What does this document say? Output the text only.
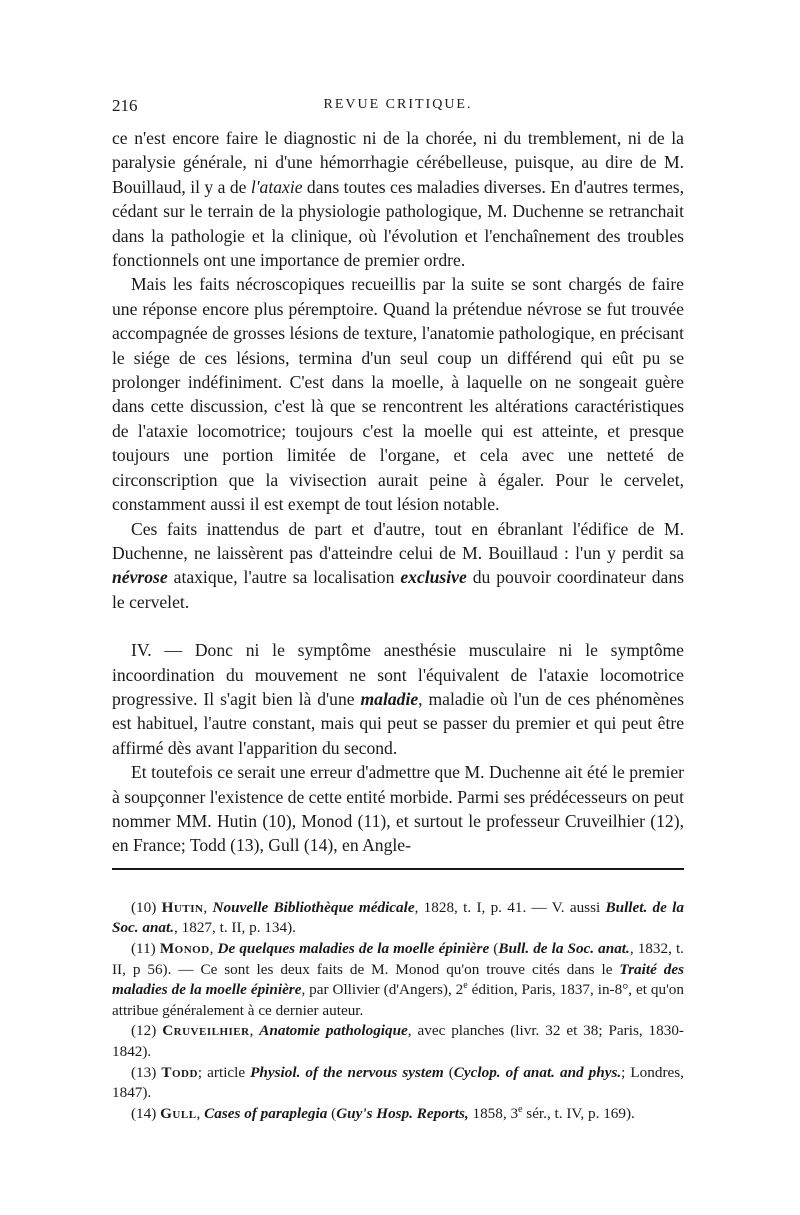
216	REVUE CRITIQUE.

ce n'est encore faire le diagnostic ni de la chorée, ni du tremblement, ni de la paralysie générale, ni d'une hémorrhagie cérébelleuse, puisque, au dire de M. Bouillaud, il y a de l'ataxie dans toutes ces maladies diverses. En d'autres termes, cédant sur le terrain de la physiologie pathologique, M. Duchenne se retranchait dans la pathologie et la clinique, où l'évolution et l'enchaînement des troubles fonctionnels ont une importance de premier ordre.

Mais les faits nécroscopiques recueillis par la suite se sont chargés de faire une réponse encore plus péremptoire. Quand la prétendue névrose se fut trouvée accompagnée de grosses lésions de texture, l'anatomie pathologique, en précisant le siége de ces lésions, termina d'un seul coup un différend qui eût pu se prolonger indéfiniment. C'est dans la moelle, à laquelle on ne songeait guère dans cette discussion, c'est là que se rencontrent les altérations caractéristiques de l'ataxie locomotrice; toujours c'est la moelle qui est atteinte, et presque toujours une portion limitée de l'organe, et cela avec une netteté de circonscription que la vivisection aurait peine à égaler. Pour le cervelet, constamment aussi il est exempt de tout lésion notable.

Ces faits inattendus de part et d'autre, tout en ébranlant l'édifice de M. Duchenne, ne laissèrent pas d'atteindre celui de M. Bouillaud : l'un y perdit sa névrose ataxique, l'autre sa localisation exclusive du pouvoir coordinateur dans le cervelet.

IV. — Donc ni le symptôme anesthésie musculaire ni le symptôme incoordination du mouvement ne sont l'équivalent de l'ataxie locomotrice progressive. Il s'agit bien là d'une maladie, maladie où l'un de ces phénomènes est habituel, l'autre constant, mais qui peut se passer du premier et qui peut être affirmé dès avant l'apparition du second.

Et toutefois ce serait une erreur d'admettre que M. Duchenne ait été le premier à soupçonner l'existence de cette entité morbide. Parmi ses prédécesseurs on peut nommer MM. Hutin (10), Monod (11), et surtout le professeur Cruveilhier (12), en France; Todd (13), Gull (14), en Angle-

(10) Hutin, Nouvelle Bibliothèque médicale, 1828, t. I, p. 41. — V. aussi Bullet. de la Soc. anat., 1827, t. II, p. 134).

(11) Monod, De quelques maladies de la moelle épinière (Bull. de la Soc. anat., 1832, t. II, p 56). — Ce sont les deux faits de M. Monod qu'on trouve cités dans le Traité des maladies de la moelle épinière, par Ollivier (d'Angers), 2e édition, Paris, 1837, in-8°, et qu'on attribue généralement à ce dernier auteur.

(12) Cruveilhier, Anatomie pathologique, avec planches (livr. 32 et 38; Paris, 1830-1842).

(13) Todd; article Physiol. of the nervous system (Cyclop. of anat. and phys.; Londres, 1847).

(14) Gull, Cases of paraplegia (Guy's Hosp. Reports, 1858, 3e sér., t. IV, p. 169).
